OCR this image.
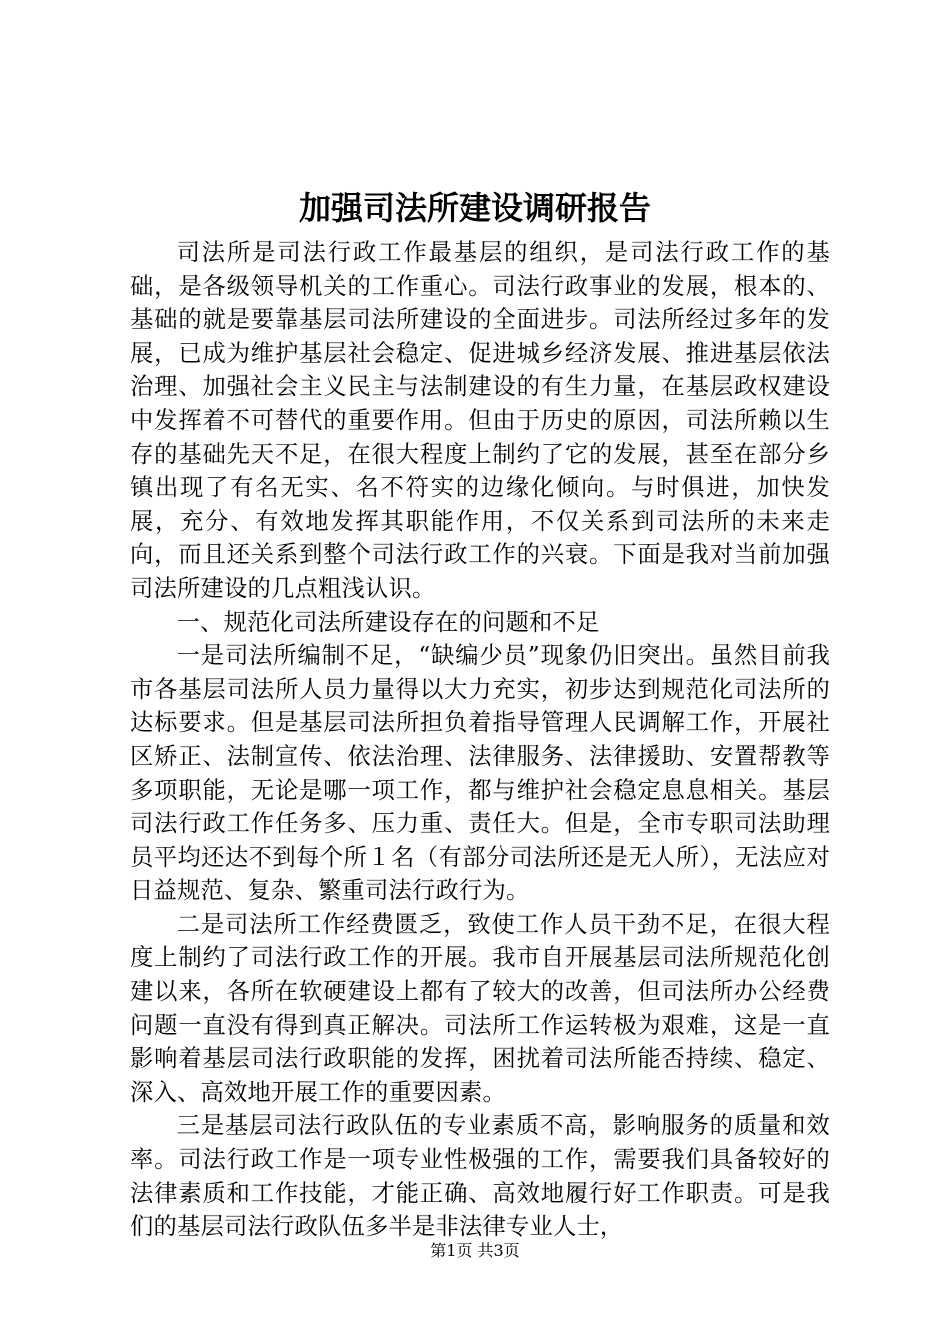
加强司法所建设调研报告

司法所是司法行政工作最基层的组织，是司法行政工作的基础，是各级领导机关的工作重心。司法行政事业的发展，根本的、基础的就是要靠基层司法所建设的全面进步。司法所经过多年的发展，已成为维护基层社会稳定、促进城乡经济发展、推进基层依法治理、加强社会主义民主与法制建设的有生力量，在基层政权建设中发挥着不可替代的重要作用。但由于历史的原因，司法所赖以生存的基础先天不足，在很大程度上制约了它的发展，甚至在部分乡镇出现了有名无实、名不符实的边缘化倾向。与时俱进，加快发展，充分、有效地发挥其职能作用，不仅关系到司法所的未来走向，而且还关系到整个司法行政工作的兴衰。下面是我对当前加强司法所建设的几点粗浅认识。

一、规范化司法所建设存在的问题和不足

一是司法所编制不足，“缺编少员”现象仍旧突出。虽然目前我市各基层司法所人员力量得以大力充实，初步达到规范化司法所的达标要求。但是基层司法所担负着指导管理人民调解工作，开展社区矫正、法制宣传、依法治理、法律服务、法律援助、安置帮教等多项职能，无论是哪一项工作，都与维护社会稳定息息相关。基层司法行政工作任务多、压力重、责任大。但是，全市专职司法助理员平均还达不到每个所１名（有部分司法所还是无人所），无法应对日益规范、复杂、繁重司法行政行为。

二是司法所工作经费匮乏，致使工作人员干劲不足，在很大程度上制约了司法行政工作的开展。我市自开展基层司法所规范化创建以来，各所在软硬建设上都有了较大的改善，但司法所办公经费问题一直没有得到真正解决。司法所工作运转极为艰难，这是一直影响着基层司法行政职能的发挥，困扰着司法所能否持续、稳定、深入、高效地开展工作的重要因素。

三是基层司法行政队伍的专业素质不高，影响服务的质量和效率。司法行政工作是一项专业性极强的工作，需要我们具备较好的法律素质和工作技能，才能正确、高效地履行好工作职责。可是我们的基层司法行政队伍多半是非法律专业人士，

第1页 共3页
